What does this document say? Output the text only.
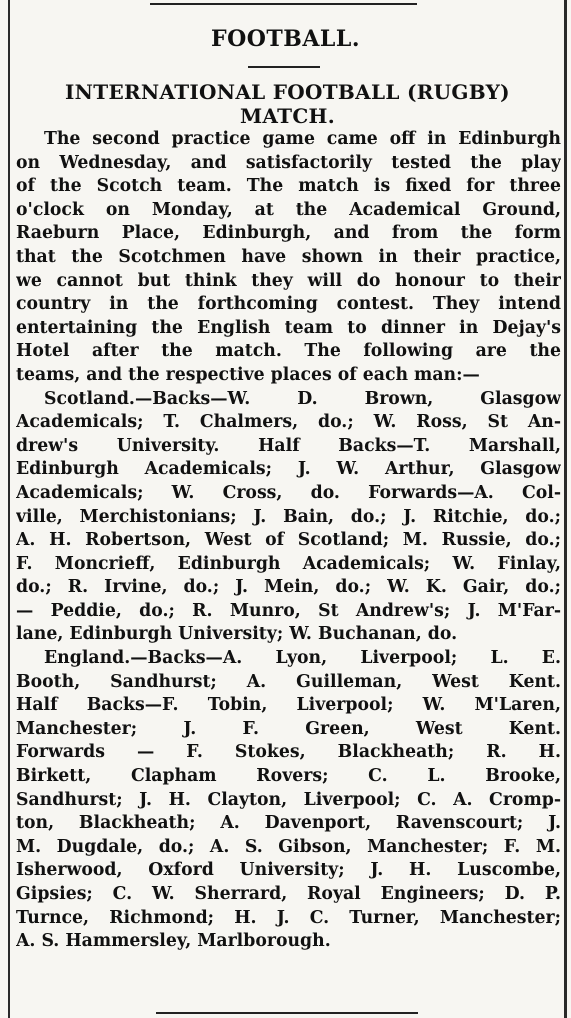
FOOTBALL.
INTERNATIONAL FOOTBALL (RUGBY)
MATCH.
The second practice game came off in Edinburgh
on Wednesday, and satisfactorily tested the play
of the Scotch team. The match is fixed for three
o'clock on Monday, at the Academical Ground,
Raeburn Place, Edinburgh, and from the form
that the Scotchmen have shown in their practice,
we cannot but think they will do honour to their
country in the forthcoming contest. They intend
entertaining the English team to dinner in Dejay's
Hotel after the match. The following are the
teams, and the respective places of each man:—
Scotland.—Backs—W. D. Brown, Glasgow
Academicals; T. Chalmers, do.; W. Ross, St An-
drew's University. Half Backs—T. Marshall,
Edinburgh Academicals; J. W. Arthur, Glasgow
Academicals; W. Cross, do. Forwards—A. Col-
ville, Merchistonians; J. Bain, do.; J. Ritchie, do.;
A. H. Robertson, West of Scotland; M. Russie, do.;
F. Moncrieff, Edinburgh Academicals; W. Finlay,
do.; R. Irvine, do.; J. Mein, do.; W. K. Gair, do.;
— Peddie, do.; R. Munro, St Andrew's; J. M'Far-
lane, Edinburgh University; W. Buchanan, do.
England.—Backs—A. Lyon, Liverpool; L. E.
Booth, Sandhurst; A. Guilleman, West Kent.
Half Backs—F. Tobin, Liverpool; W. M'Laren,
Manchester; J. F. Green, West Kent.
Forwards — F. Stokes, Blackheath; R. H.
Birkett, Clapham Rovers; C. L. Brooke,
Sandhurst; J. H. Clayton, Liverpool; C. A. Cromp-
ton, Blackheath; A. Davenport, Ravenscourt; J.
M. Dugdale, do.; A. S. Gibson, Manchester; F. M.
Isherwood, Oxford University; J. H. Luscombe,
Gipsies; C. W. Sherrard, Royal Engineers; D. P.
Turnce, Richmond; H. J. C. Turner, Manchester;
A. S. Hammersley, Marlborough.
